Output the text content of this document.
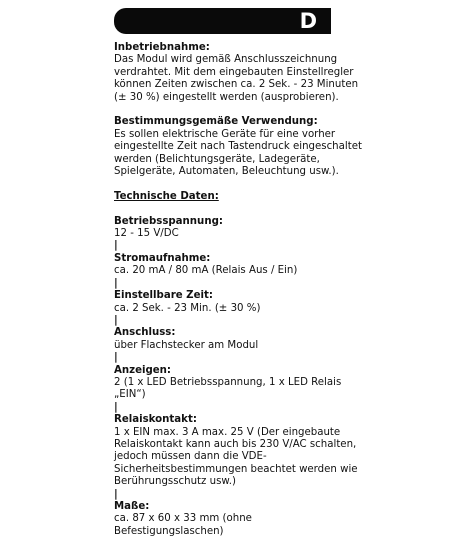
D

Inbetriebnahme:

Das Modul wird gemäß Anschlusszeichnung verdrahtet. Mit dem eingebauten Einstellregler können Zeiten zwischen ca. 2 Sek. - 23 Minuten (± 30 %) eingestellt werden (ausprobieren).

Bestimmungsgemäße Verwendung:

Es sollen elektrische Geräte für eine vorher eingestellte Zeit nach Tastendruck eingeschaltet werden (Belichtungsgeräte, Ladegeräte, Spielgeräte, Automaten, Beleuchtung usw.).

Technische Daten:

Betriebsspannung:
12 - 15 V/DC
|
Stromaufnahme:
ca. 20 mA / 80 mA (Relais Aus / Ein)
|
Einstellbare Zeit:
ca. 2 Sek. - 23 Min. (± 30 %)
|
Anschluss:
über Flachstecker am Modul
|
Anzeigen:
2 (1 x LED Betriebsspannung, 1 x LED Relais „EIN“)
|
Relaiskontakt:
1 x EIN max. 3 A max. 25 V (Der eingebaute Relaiskontakt kann auch bis 230 V/AC schalten, jedoch müssen dann die VDE-Sicherheitsbestimmungen beachtet werden wie Berührungsschutz usw.)
|
Maße:
ca. 87 x 60 x 33 mm (ohne Befestigungslaschen)
